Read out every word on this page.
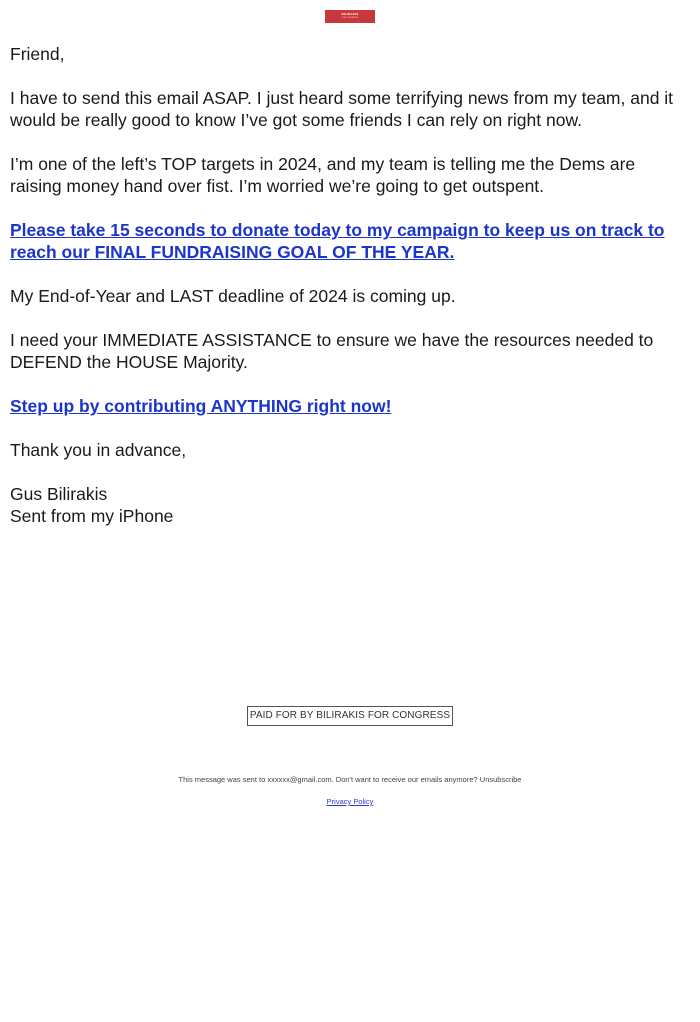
BILIRAKIS
FOR CONGRESS

Friend,

I have to send this email ASAP. I just heard some terrifying news from my team, and it would be really good to know I’ve got some friends I can rely on right now.

I’m one of the left’s TOP targets in 2024, and my team is telling me the Dems are raising money hand over fist. I’m worried we’re going to get outspent.

Please take 15 seconds to donate today to my campaign to keep us on track to reach our FINAL FUNDRAISING GOAL OF THE YEAR.

My End-of-Year and LAST deadline of 2024 is coming up.

I need your IMMEDIATE ASSISTANCE to ensure we have the resources needed to DEFEND the HOUSE Majority.

Step up by contributing ANYTHING right now!

Thank you in advance,

Gus Bilirakis

Sent from my iPhone

PAID FOR BY BILIRAKIS FOR CONGRESS
This message was sent to xxxxxx@gmail.com. Don't want to receive our emails anymore? Unsubscribe
Privacy Policy
